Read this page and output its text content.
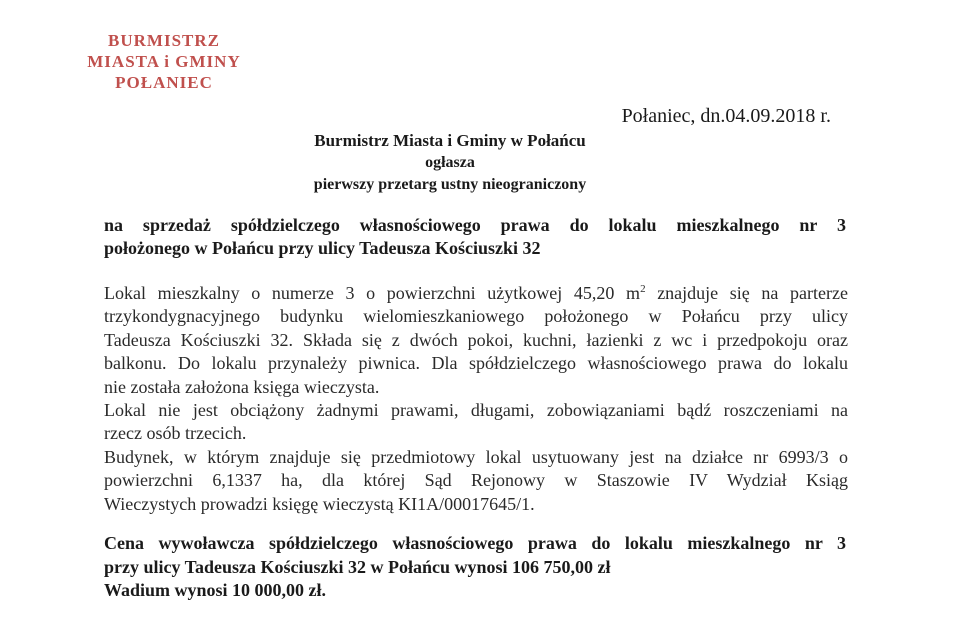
BURMISTRZ
MIASTA i GMINY
POŁANIEC
Połaniec, dn.04.09.2018 r.
Burmistrz Miasta i Gminy w Połańcu
ogłasza
pierwszy przetarg ustny nieograniczony
na sprzedaż spółdzielczego własnościowego prawa do lokalu mieszkalnego nr 3
położonego w Połańcu przy ulicy Tadeusza Kościuszki 32
Lokal mieszkalny o numerze 3 o powierzchni użytkowej 45,20 $m^2$ znajduje się na parterze
trzykondygnacyjnego budynku wielomieszkaniowego położonego w Połańcu przy ulicy
Tadeusza Kościuszki 32. Składa się z dwóch pokoi, kuchni, łazienki z wc i przedpokoju oraz
balkonu. Do lokalu przynależy piwnica. Dla spółdzielczego własnościowego prawa do lokalu
nie została założona księga wieczysta.
Lokal nie jest obciążony żadnymi prawami, długami, zobowiązaniami bądź roszczeniami na
rzecz osób trzecich.
Budynek, w którym znajduje się przedmiotowy lokal usytuowany jest na działce nr 6993/3 o
powierzchni 6,1337 ha, dla której Sąd Rejonowy w Staszowie IV Wydział Ksiąg
Wieczystych prowadzi księgę wieczystą KI1A/00017645/1.
Cena wywoławcza spółdzielczego własnościowego prawa do lokalu mieszkalnego nr 3
przy ulicy Tadeusza Kościuszki 32 w Połańcu wynosi 106 750,00 zł
Wadium wynosi 10 000,00 zł.
